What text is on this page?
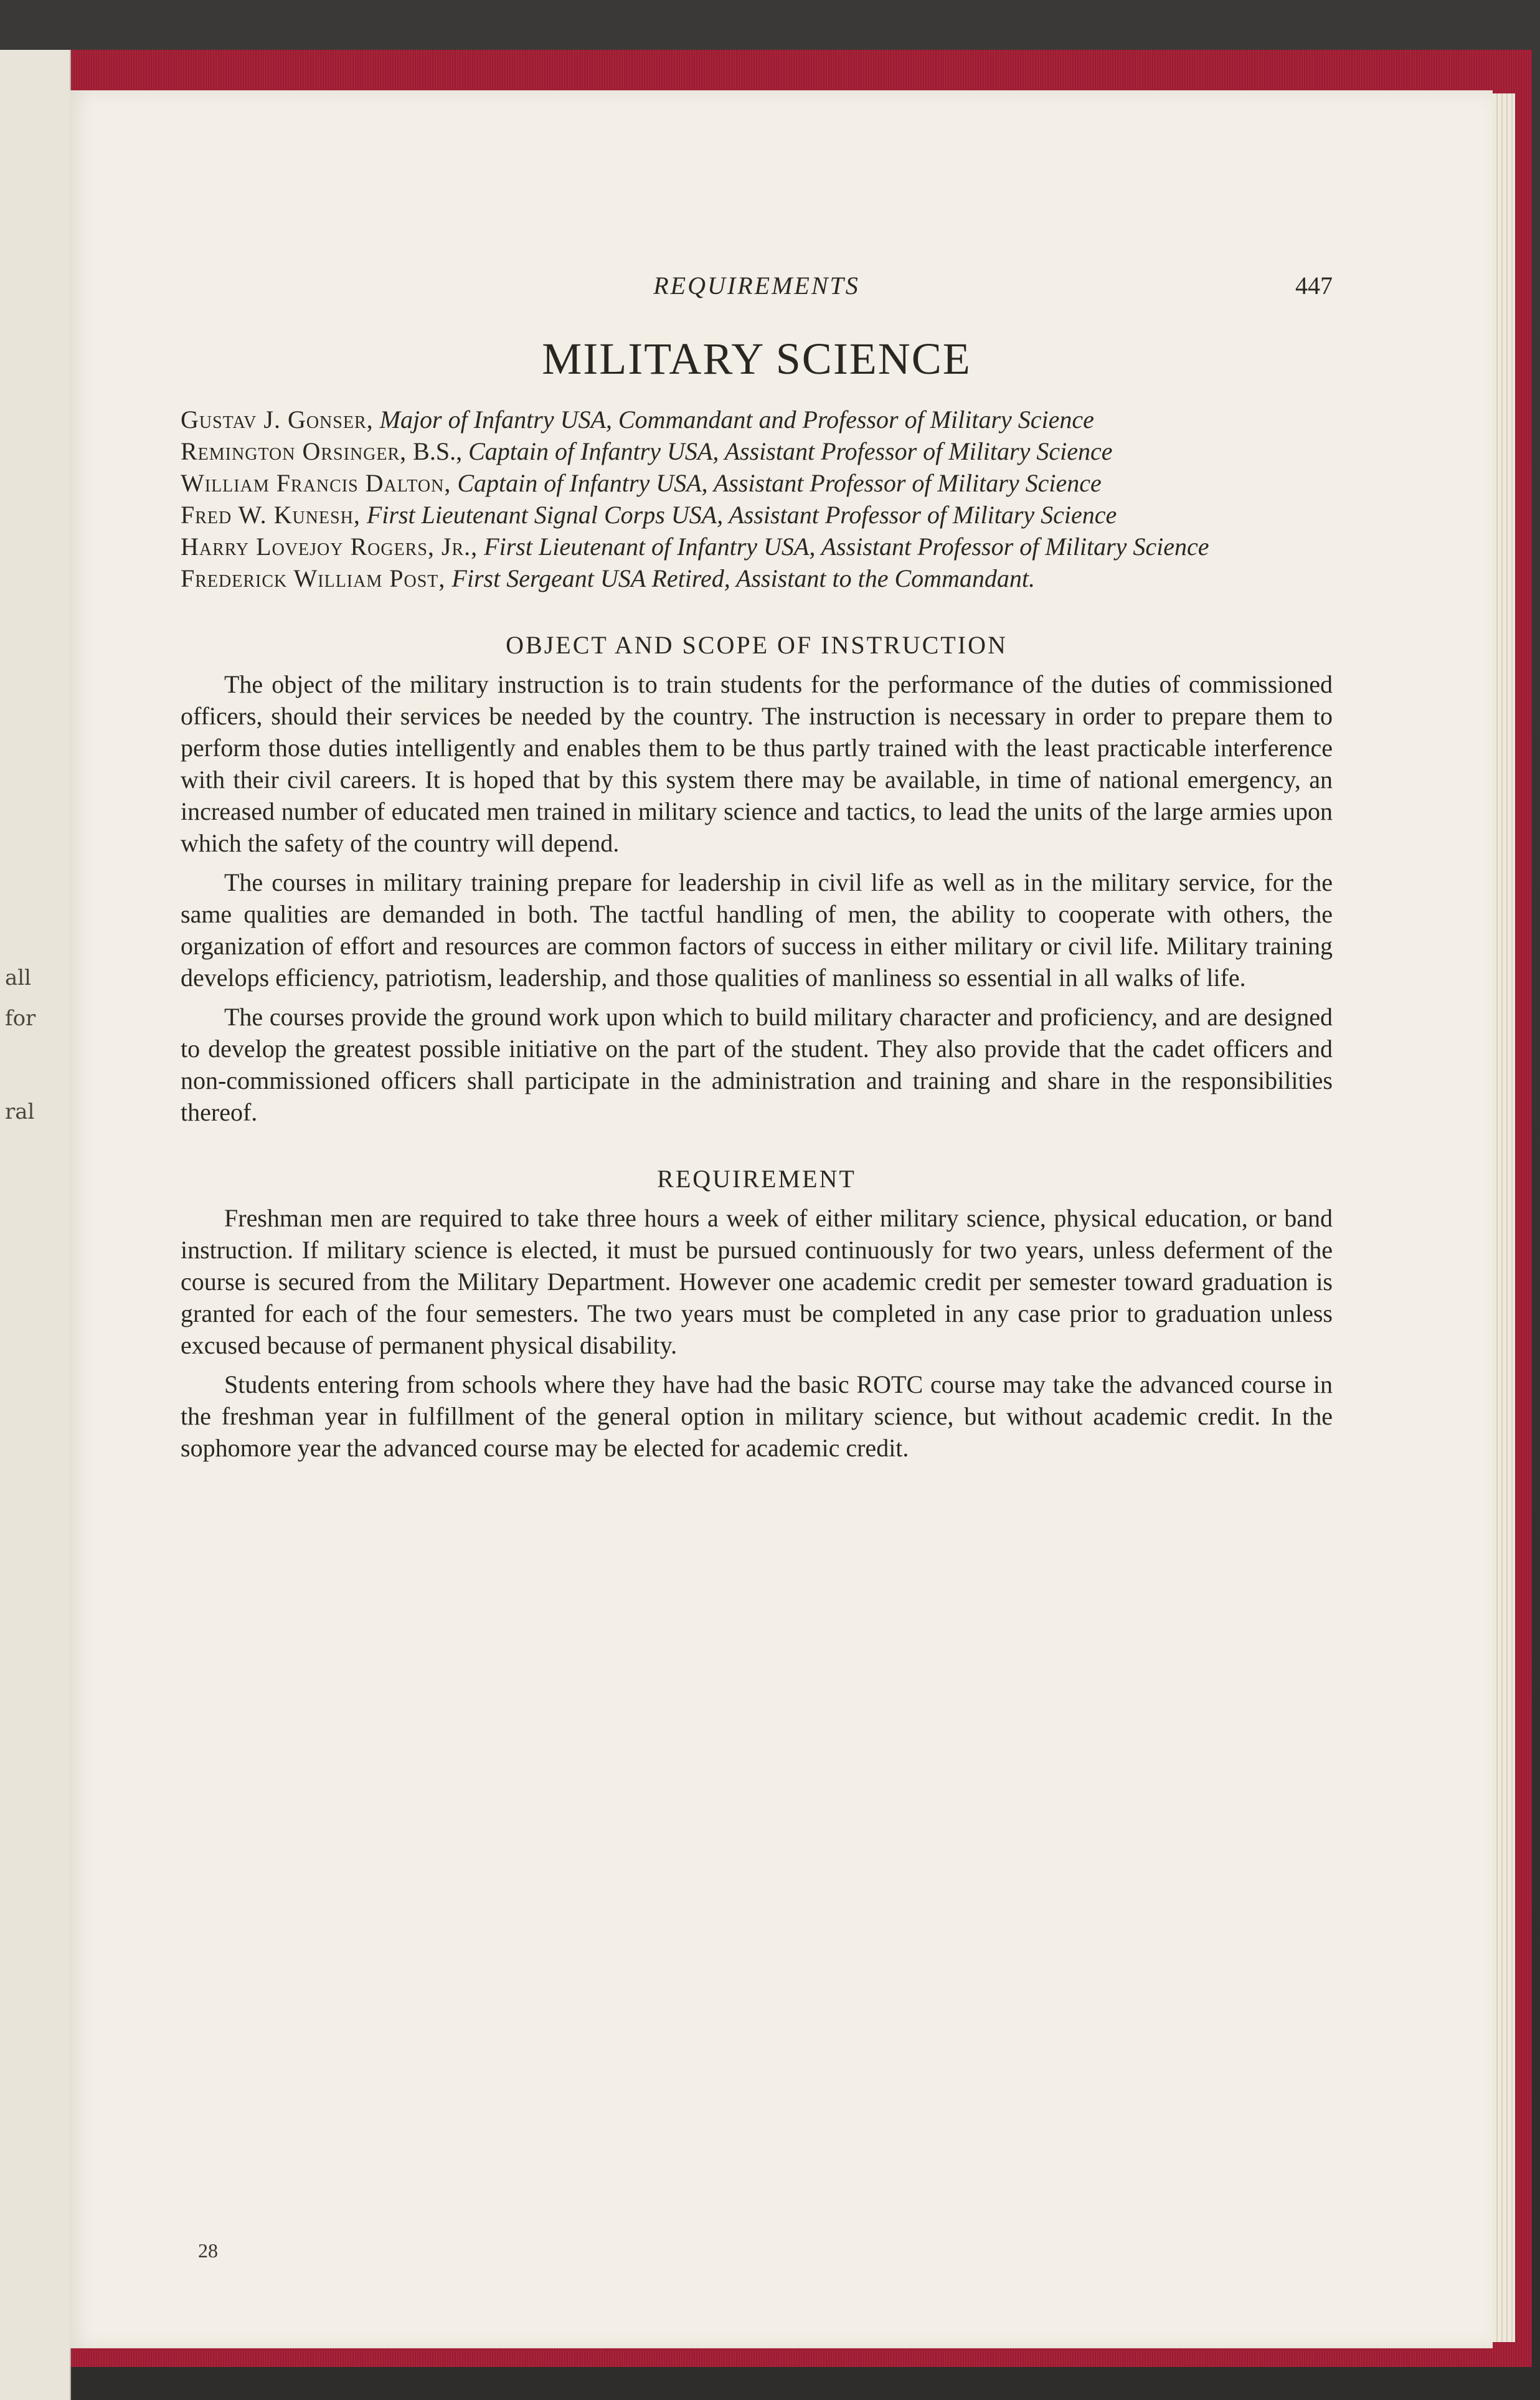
all
for
ral
REQUIREMENTS	447
MILITARY SCIENCE
Gustav J. Gonser, Major of Infantry USA, Commandant and Professor of Military Science
Remington Orsinger, B.S., Captain of Infantry USA, Assistant Professor of Military Science
William Francis Dalton, Captain of Infantry USA, Assistant Professor of Military Science
Fred W. Kunesh, First Lieutenant Signal Corps USA, Assistant Professor of Military Science
Harry Lovejoy Rogers, Jr., First Lieutenant of Infantry USA, Assistant Professor of Military Science
Frederick William Post, First Sergeant USA Retired, Assistant to the Commandant.
OBJECT AND SCOPE OF INSTRUCTION

The object of the military instruction is to train students for the performance of the duties of commissioned officers, should their services be needed by the country. The instruction is necessary in order to prepare them to perform those duties intelligently and enables them to be thus partly trained with the least practicable interference with their civil careers. It is hoped that by this system there may be available, in time of national emergency, an increased number of educated men trained in military science and tactics, to lead the units of the large armies upon which the safety of the country will depend.

The courses in military training prepare for leadership in civil life as well as in the military service, for the same qualities are demanded in both. The tactful handling of men, the ability to cooperate with others, the organization of effort and resources are common factors of success in either military or civil life. Military training develops efficiency, patriotism, leadership, and those qualities of manliness so essential in all walks of life.

The courses provide the ground work upon which to build military character and proficiency, and are designed to develop the greatest possible initiative on the part of the student. They also provide that the cadet officers and non-commissioned officers shall participate in the administration and training and share in the responsibilities thereof.

REQUIREMENT

Freshman men are required to take three hours a week of either military science, physical education, or band instruction. If military science is elected, it must be pursued continuously for two years, unless deferment of the course is secured from the Military Department. However one academic credit per semester toward graduation is granted for each of the four semesters. The two years must be completed in any case prior to graduation unless excused because of permanent physical disability.

Students entering from schools where they have had the basic ROTC course may take the advanced course in the freshman year in fulfillment of the general option in military science, but without academic credit. In the sophomore year the advanced course may be elected for academic credit.

28
